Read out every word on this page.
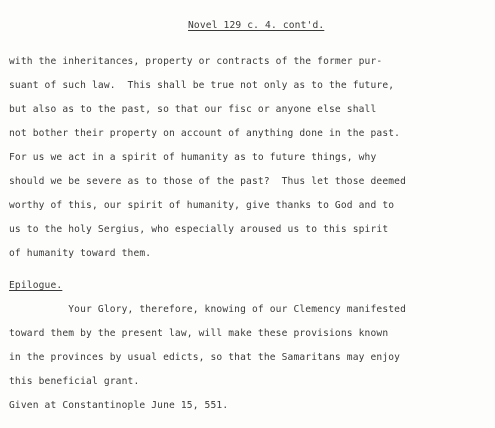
Novel 129 c. 4. cont'd.
with the inheritances, property or contracts of the former pur-
suant of such law.  This shall be true not only as to the future,
but also as to the past, so that our fisc or anyone else shall
not bother their property on account of anything done in the past.
For us we act in a spirit of humanity as to future things, why
should we be severe as to those of the past?  Thus let those deemed
worthy of this, our spirit of humanity, give thanks to God and to
us to the holy Sergius, who especially aroused us to this spirit
of humanity toward them.
Epilogue.
Your Glory, therefore, knowing of our Clemency manifested
toward them by the present law, will make these provisions known
in the provinces by usual edicts, so that the Samaritans may enjoy
this beneficial grant.
Given at Constantinople June 15, 551.
